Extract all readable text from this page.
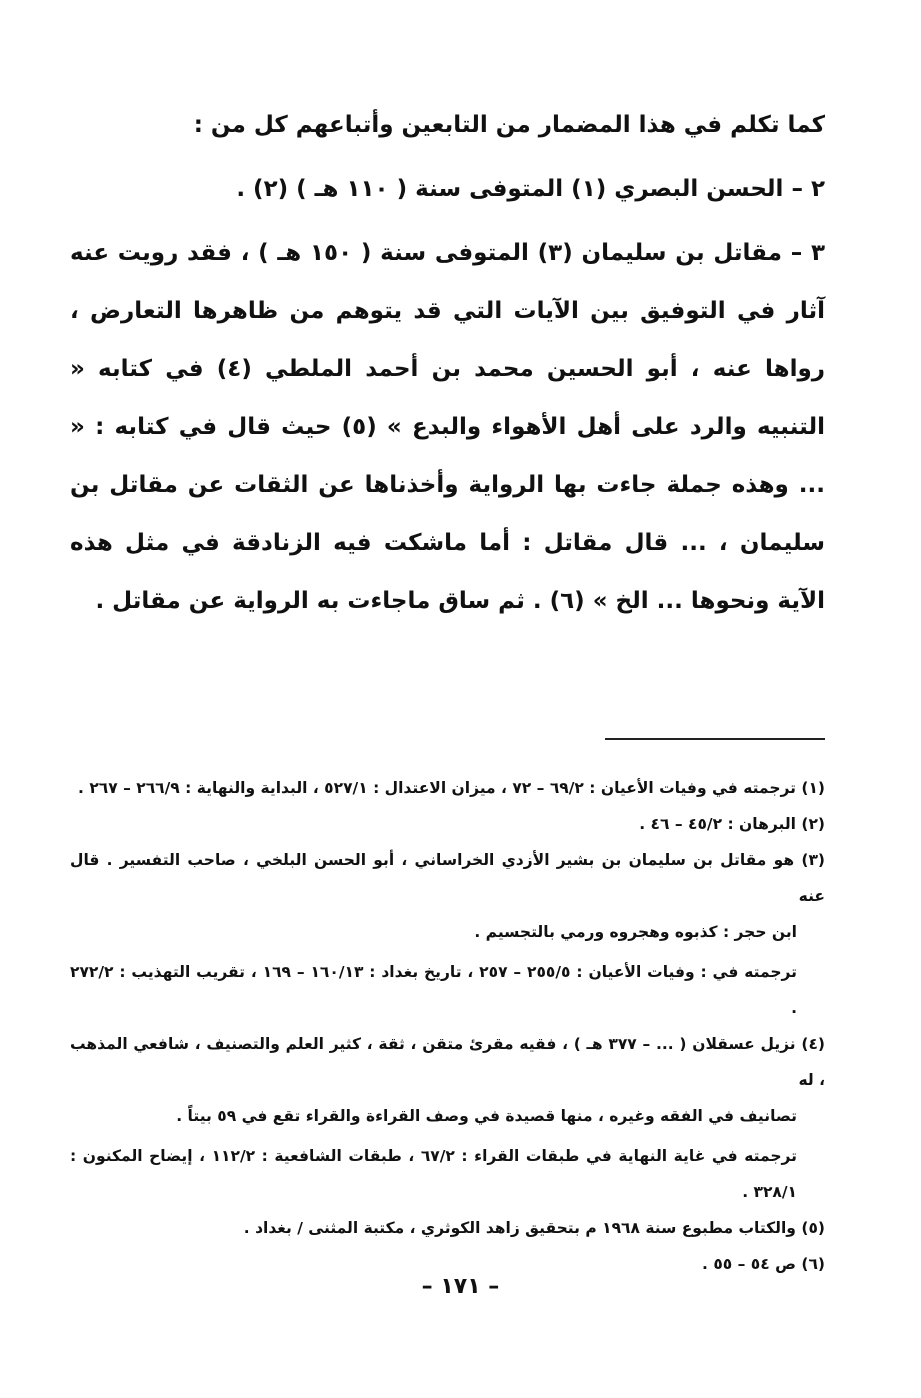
كما تكلم في هذا المضمار من التابعين وأتباعهم كل من :

٢ – الحسن البصري (١) المتوفى سنة ( ١١٠ هـ ) (٢) .

٣ – مقاتل بن سليمان (٣) المتوفى سنة ( ١٥٠ هـ ) ، فقد رويت عنه آثار في التوفيق بين الآيات التي قد يتوهم من ظاهرها التعارض ، رواها عنه ، أبو الحسين محمد بن أحمد الملطي (٤) في كتابه « التنبيه والرد على أهل الأهواء والبدع » (٥) حيث قال في كتابه : « ... وهذه جملة جاءت بها الرواية وأخذناها عن الثقات عن مقاتل بن سليمان ، ... قال مقاتل : أما ماشكت فيه الزنادقة في مثل هذه الآية ونحوها ... الخ » (٦) . ثم ساق ماجاءت به الرواية عن مقاتل .

(١) ترجمته في وفيات الأعيان : ٦٩/٢ – ٧٢ ، ميزان الاعتدال : ٥٢٧/١ ، البداية والنهاية : ٢٦٦/٩ – ٢٦٧ .

(٢) البرهان : ٤٥/٢ – ٤٦ .

(٣) هو مقاتل بن سليمان بن بشير الأزدي الخراساني ، أبو الحسن البلخي ، صاحب التفسير . قال عنه

ابن حجر : كذبوه وهجروه ورمي بالتجسيم .

ترجمته في : وفيات الأعيان : ٢٥٥/٥ – ٢٥٧ ، تاريخ بغداد : ١٦٠/١٣ – ١٦٩ ، تقريب التهذيب : ٢٧٢/٢ .

(٤) نزيل عسقلان ( ... – ٣٧٧ هـ ) ، فقيه مقرئ متقن ، ثقة ، كثير العلم والتصنيف ، شافعي المذهب ، له

تصانيف في الفقه وغيره ، منها قصيدة في وصف القراءة والقراء تقع في ٥٩ بيتاً .

ترجمته في غاية النهاية في طبقات القراء : ٦٧/٢ ، طبقات الشافعية : ١١٢/٢ ، إيضاح المكنون : ٣٢٨/١ .

(٥) والكتاب مطبوع سنة ١٩٦٨ م بتحقيق زاهد الكوثري ، مكتبة المثنى / بغداد .

(٦) ص ٥٤ – ٥٥ .

– ١٧١ –
